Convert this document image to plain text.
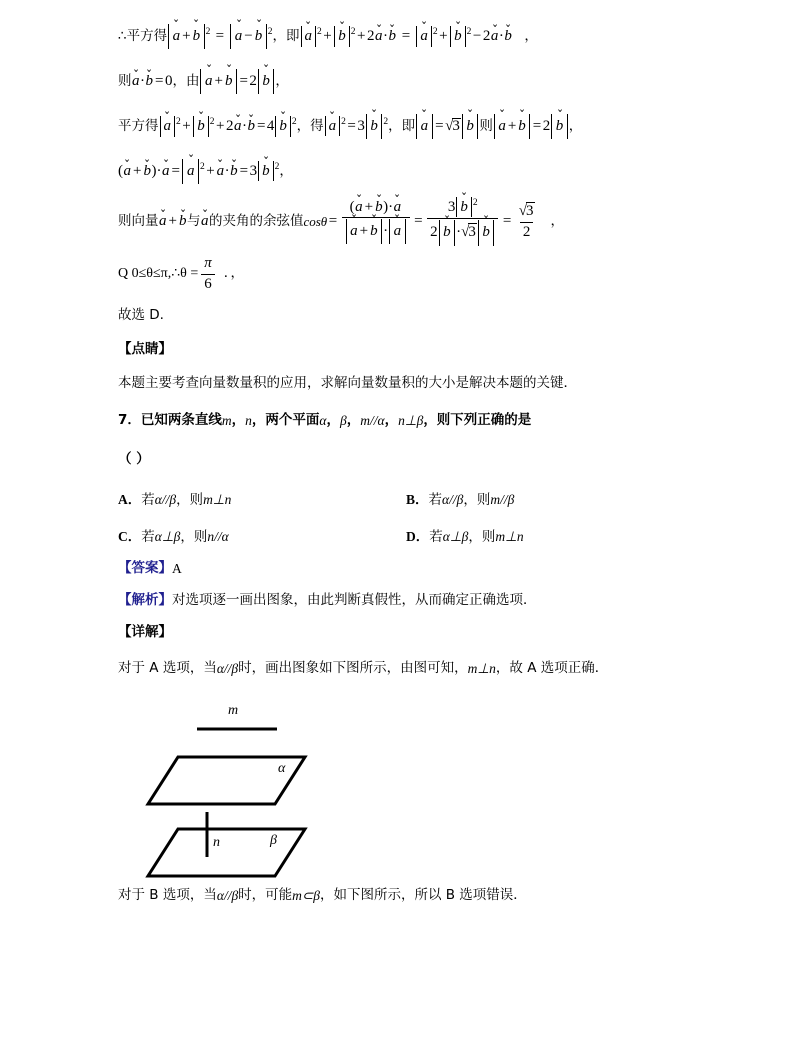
∴平方得 ⌄ a + ⌄ b $^2$ = ⌄ a − ⌄ b $^2$ ，即 ⌄ a $^2$ + ⌄ b $^2$ + 2⌄ a·⌄ b = ⌄ a $^2$ + ⌄ b $^2$ − 2⌄ a·⌄ b ，
则 ⌄ a·⌄ b = 0 ，由 ⌄ a + ⌄ b = 2 ⌄ b ，
平方得 ⌄ a $^2$ + ⌄ b $^2$ + 2⌄ a·⌄ b = 4 ⌄ b $^2$ ，得 ⌄ a $^2$ = 3 ⌄ b $^2$ ，即 ⌄ a = √3 ⌄ b 则 ⌄ a + ⌄ b = 2 ⌄ b ，
(⌄ a + ⌄ b)·⌄ a = ⌄ a $^2$ + ⌄ a·⌄ b = 3 ⌄ b $^2$ ，
则向量 ⌄ a + ⌄ b 与 ⌄ a 的夹角的余弦值 cosθ = (⌄ a + ⌄ b)·⌄ a
⌄ a + ⌄ b · ⌄ $a = \frac{3 ⌄ b ^2}{2 ⌄ b \cdot√3 ⌄ b} = \frac{√3}{2}$ ，
Q 0≤θ≤π,∴θ = $\frac{\pi}{6}$ ．，
故选 D.
【点睛】
本题主要考查向量数量积的应用，求解向量数量积的大小是解决本题的关键．
7． 已知两条直线 m ， n ，两个平面 α ， β ， m//α ， n⊥β ，则下列正确的是
（ ）
A．若α//β，则m⊥n	B．若α//β，则m//β
C．若α⊥β，则n//α	D．若α⊥β，则m⊥n
【答案】 A
【解析】 对选项逐一画出图象，由此判断真假性，从而确定正确选项．
【详解】
对于 A 选项，当 α//β 时，画出图象如下图所示，由图可知， m⊥n ，故 A 选项正确．
m
α
n	β
对于 B 选项，当 α//β 时，可能 m⊂β ，如下图所示，所以 B 选项错误．
